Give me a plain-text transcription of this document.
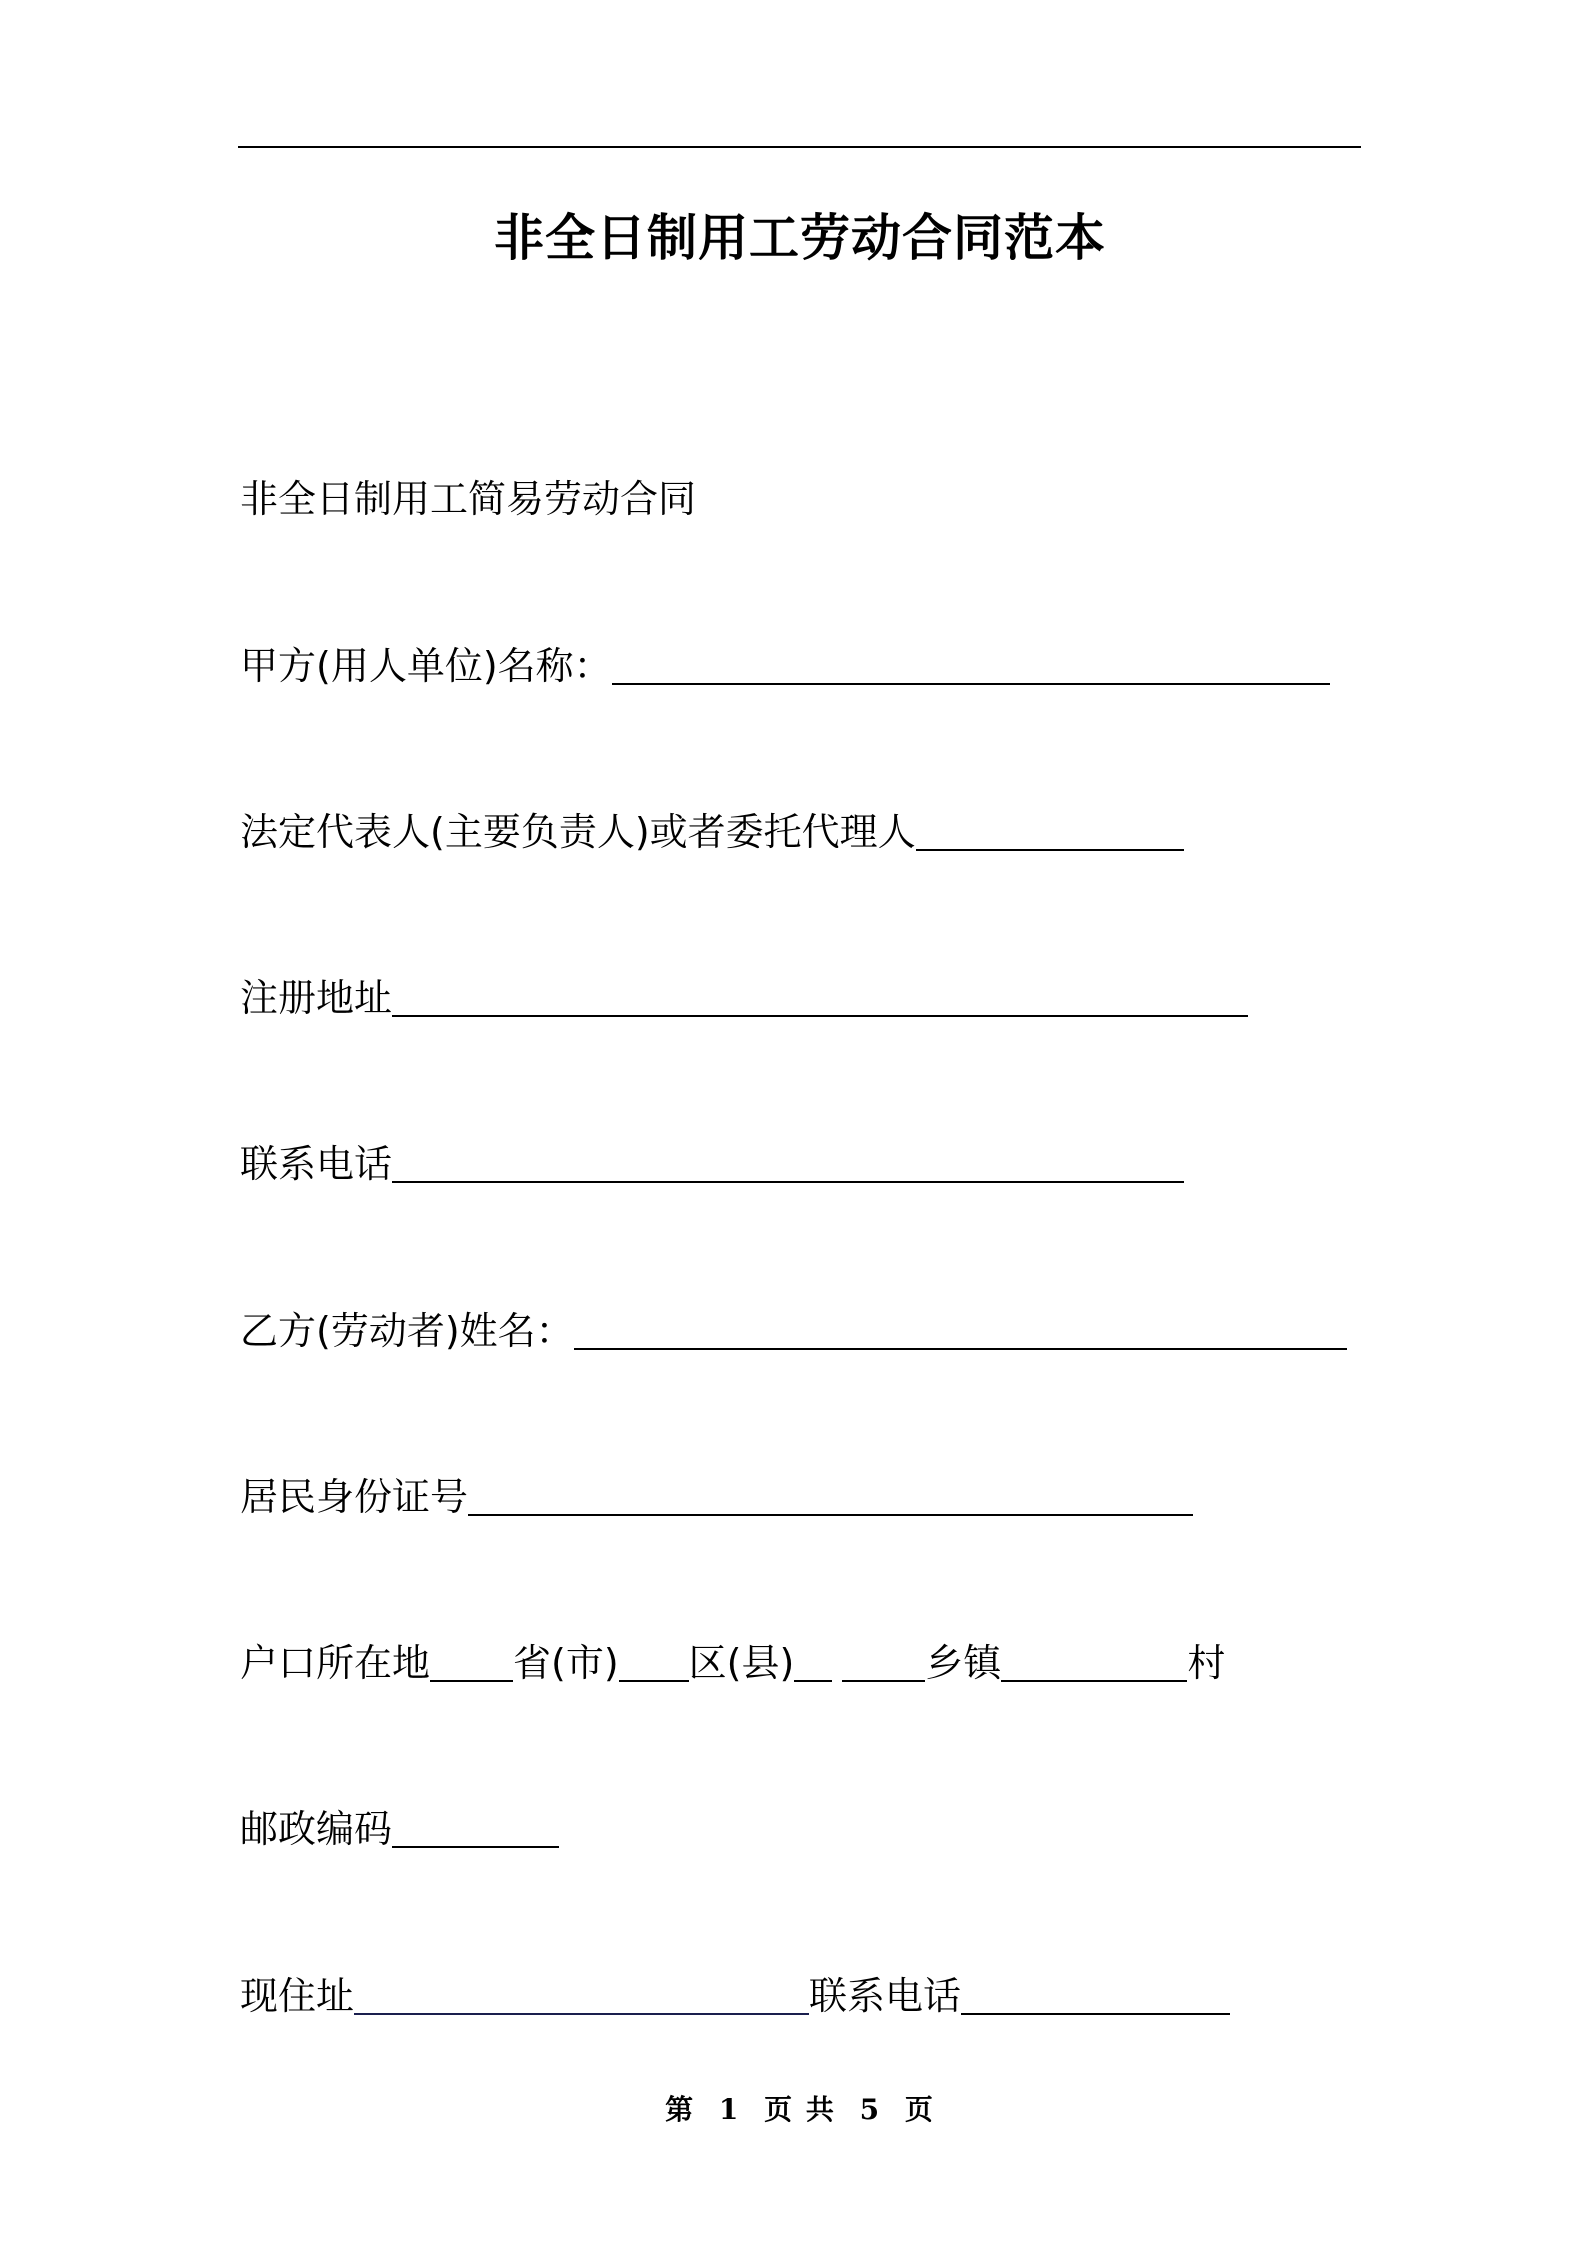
非全日制用工劳动合同范本
非全日制用工简易劳动合同
甲方(用人单位)名称：
法定代表人(主要负责人)或者委托代理人
注册地址
联系电话
乙方(劳动者)姓名：
居民身份证号
户口所在地 省(市) 区(县)	乡镇	村
邮政编码
现住址	联系电话
第 1 页 共 5 页
